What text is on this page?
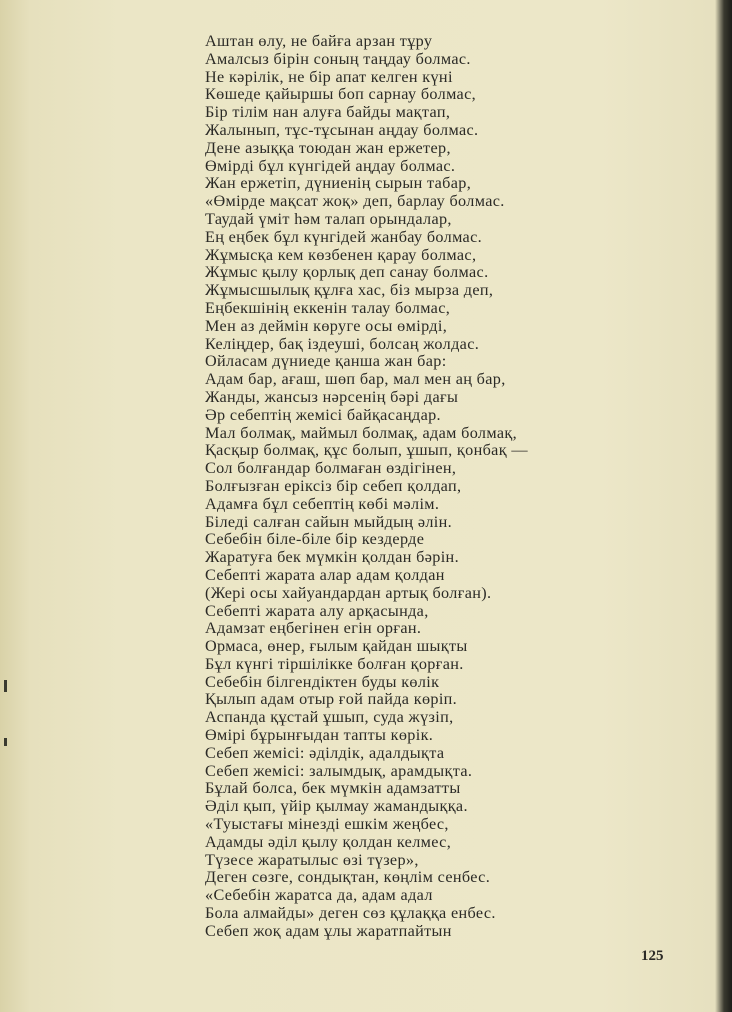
Аштан өлу, не байға арзан тұру
Амалсыз бірін соның таңдау болмас.
Не кәрілік, не бір апат келген күні
Көшеде қайыршы боп сарнау болмас,
Бір тілім нан алуға байды мақтап,
Жалынып, тұс-тұсынан аңдау болмас.
Дене азыққа тоюдан жан ержетер,
Өмірді бұл күнгідей аңдау болмас.
Жан ержетіп, дүниенің сырын табар,
«Өмірде мақсат жоқ» деп, барлау болмас.
Таудай үміт һәм талап орындалар,
Ең еңбек бұл күнгідей жанбау болмас.
Жұмысқа кем көзбенен қарау болмас,
Жұмыс қылу қорлық деп санау болмас.
Жұмысшылық құлға хас, біз мырза деп,
Еңбекшінің еккенін талау болмас,
Мен аз деймін көруге осы өмірді,
Келіңдер, бақ іздеуші, болсаң жолдас.
Ойласам дүниеде қанша жан бар:
Адам бар, ағаш, шөп бар, мал мен аң бар,
Жанды, жансыз нәрсенің бәрі дағы
Әр себептің жемісі байқасаңдар.
Мал болмақ, маймыл болмақ, адам болмақ,
Қасқыр болмақ, құс болып, ұшып, қонбақ —
Сол болғандар болмаған өздігінен,
Болғызған еріксіз бір себеп қолдап,
Адамға бұл себептің көбі мәлім.
Біледі салған сайын мыйдың әлін.
Себебін біле-біле бір кездерде
Жаратуға бек мүмкін қолдан бәрін.
Себепті жарата алар адам қолдан
(Жері осы хайуандардан артық болған).
Себепті жарата алу арқасында,
Адамзат еңбегінен егін орған.
Ормаса, өнер, ғылым қайдан шықты
Бұл күнгі тіршілікке болған қорған.
Себебін білгендіктен буды көлік
Қылып адам отыр ғой пайда көріп.
Аспанда құстай ұшып, суда жүзіп,
Өмірі бұрынғыдан тапты көрік.
Себеп жемісі: әділдік, адалдықта
Себеп жемісі: залымдық, арамдықта.
Бұлай болса, бек мүмкін адамзатты
Әділ қып, үйір қылмау жамандыққа.
«Туыстағы мінезді ешкім жеңбес,
Адамды әділ қылу қолдан келмес,
Түзесе жаратылыс өзі түзер»,
Деген сөзге, сондықтан, көңлім сенбес.
«Себебін жаратса да, адам адал
Бола алмайды» деген сөз құлаққа енбес.
Себеп жоқ адам ұлы жаратпайтын
125
